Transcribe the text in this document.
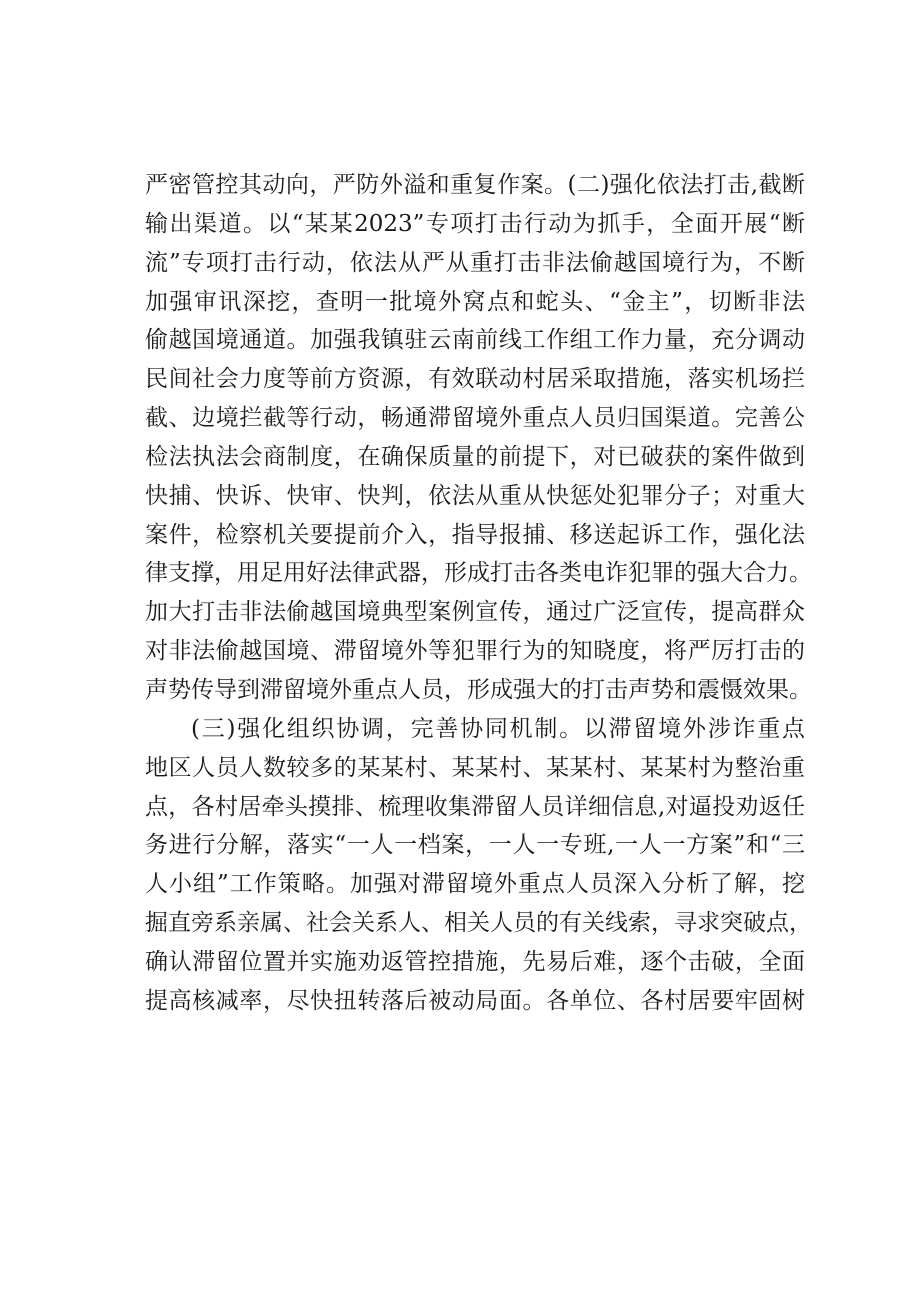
严密管控其动向，严防外溢和重复作案。(二)强化依法打击,截断
输出渠道。以“某某2023”专项打击行动为抓手，全面开展“断
流”专项打击行动，依法从严从重打击非法偷越国境行为，不断
加强审讯深挖，查明一批境外窝点和蛇头、“金主”，切断非法
偷越国境通道。加强我镇驻云南前线工作组工作力量，充分调动
民间社会力度等前方资源，有效联动村居采取措施，落实机场拦
截、边境拦截等行动，畅通滞留境外重点人员归国渠道。完善公
检法执法会商制度，在确保质量的前提下，对已破获的案件做到
快捕、快诉、快审、快判，依法从重从快惩处犯罪分子；对重大
案件，检察机关要提前介入，指导报捕、移送起诉工作，强化法
律支撑，用足用好法律武器，形成打击各类电诈犯罪的强大合力。
加大打击非法偷越国境典型案例宣传，通过广泛宣传，提高群众
对非法偷越国境、滞留境外等犯罪行为的知晓度，将严厉打击的
声势传导到滞留境外重点人员，形成强大的打击声势和震慑效果。
(三)强化组织协调，完善协同机制。以滞留境外涉诈重点
地区人员人数较多的某某村、某某村、某某村、某某村为整治重
点，各村居牵头摸排、梳理收集滞留人员详细信息,对逼投劝返任
务进行分解，落实“一人一档案，一人一专班,一人一方案”和“三
人小组”工作策略。加强对滞留境外重点人员深入分析了解，挖
掘直旁系亲属、社会关系人、相关人员的有关线索，寻求突破点，
确认滞留位置并实施劝返管控措施，先易后难，逐个击破，全面
提高核减率，尽快扭转落后被动局面。各单位、各村居要牢固树
